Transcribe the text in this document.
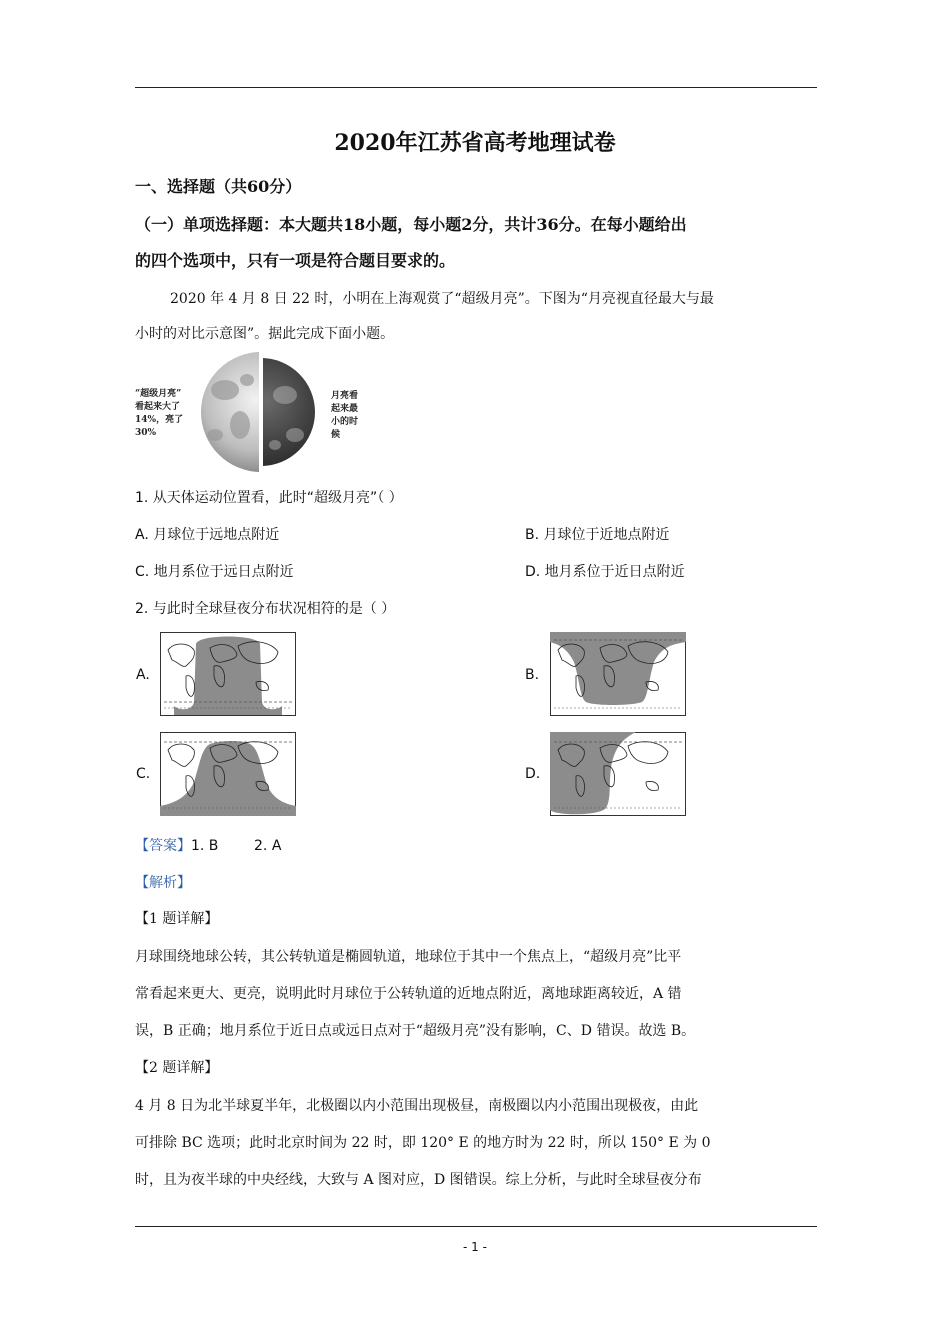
2020年江苏省高考地理试卷
一、选择题（共60分）
（一）单项选择题：本大题共18小题，每小题2分，共计36分。在每小题给出
的四个选项中，只有一项是符合题目要求的。
2020 年 4 月 8 日 22 时，小明在上海观赏了“超级月亮”。下图为“月亮视直径最大与最
小时的对比示意图”。据此完成下面小题。
“超级月亮”
看起来大了
14%，亮了
30%
月亮看
起来最
小的时
候
1. 从天体运动位置看，此时“超级月亮”（ ）
A. 月球位于远地点附近	B. 月球位于近地点附近
C. 地月系位于远日点附近	D. 地月系位于近日点附近
2. 与此时全球昼夜分布状况相符的是（ ）
A.	B.
C.	D.
【答案】1. B        2. A
【解析】
【1 题详解】
月球围绕地球公转，其公转轨道是椭圆轨道，地球位于其中一个焦点上，“超级月亮”比平
常看起来更大、更亮，说明此时月球位于公转轨道的近地点附近，离地球距离较近，A 错
误，B 正确；地月系位于近日点或远日点对于“超级月亮”没有影响，C、D 错误。故选 B。
【2 题详解】
4 月 8 日为北半球夏半年，北极圈以内小范围出现极昼，南极圈以内小范围出现极夜，由此
可排除 BC 选项；此时北京时间为 22 时，即 120° E 的地方时为 22 时，所以 150° E 为 0
时，且为夜半球的中央经线，大致与 A 图对应，D 图错误。综上分析，与此时全球昼夜分布
- 1 -
